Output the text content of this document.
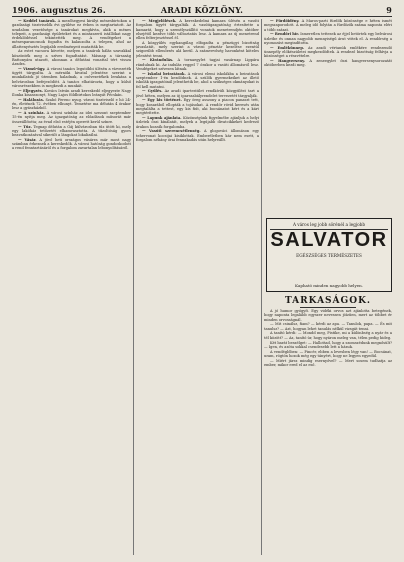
1906. augusztus 26.	ARADI KÖZLÖNY.	9

— Keddel tanárok. A mezőhegyesi királyi ménesbirtokon a gazdasági tisztviselők évi gyűlése ez évben is megtartatott. Az uradalom vezetősége a tanárokat meghívta, akik a ménes telepeit, a gazdasági épületeket és a mintaszerű istállókat nagy érdeklődéssel tekintették meg. A vendégeket a ménesparancsnok fogadta és kalauzolta a telepen, ahol az állattenyésztés legújabb eredményeit mutatták be.

Az estet vacsora követte, melyen a tanárok hálás szavakkal köszönték meg a szíves fogadtatást. Másnap a társaság Battonyára utazott, ahonnan a délutáni vonattal tért vissza Aradra.

— Vízmű-ügy. A városi tanács legutóbbi ülésén a vízvezeték ügyét tárgyalta. A mérnöki hivatal jelentése szerint a munkálatok jó ütemben haladnak, a csővezetékek lerakása a belvárosban befejeződött. A tanács elhatározta, hogy a külső városrészekben is megkezdi a munkát.

— Eljegyzés. Kovács István aradi kereskedő eljegyezte Nagy Ilonka kisasszonyt, Nagy Lajos földbirtokos leányát Pécskán.

— Halálozás. Szabó Ferenc nyug. városi tisztviselő e hó 24-én, életének 72. évében elhunyt. Temetése ma délután 4 órakor lesz a gyászházból.

— A színház. A városi színház az idei szezont szeptember 15-én nyitja meg. Az igazgatóság az előadások műsorát már összeállította; az évad első estéjén operett kerül színre.

— Tűz. Tegnap délután a Gáj külvárosban tűz ütött ki, mely egy lakóház tetőzetét elhamvasztotta. A tűzoltóság gyors beavatkozásával sikerült a lángokat lokalizálni.

— Vásár. A jövő heti országos vásárra már most nagy számban érkeznek a kereskedők. A városi hatóság gondoskodott a rend fenntartásáról és a forgalom zavartalan lebonyolításáról.

— Megjelölések. A kereskedelmi kamara ülésén a vasúti forgalom ügyét tárgyalták. A vasútigazgatóság értesítette a kamarát, hogy a személyszállító vonatok menetrendjén október elsejétől kezdve több változtatás lesz. A kamara az új menetrend ellen felterjesztéssel él.

A közgyűlés egyhangúlag elfogadta a pénzügyi bizottság javaslatát, mely szerint a városi pénztár kezelése ezentúl szigorúbb ellenőrzés alá kerül. A számvevőség havonként köteles jelentést tenni.

— Kirándulás. A tornaegylet tagjai vasárnap Lippára rándulnak ki. Az indulás reggel 7 órakor a vasúti állomásról lesz. Vendégeket szívesen látnak.

— Iskolai beiratások. A városi elemi iskolákba a beiratások szeptember 1-én kezdődnek. A szülők gyermekeiket az illető iskolák igazgatóinál jelenthetik be, ahol a szükséges okmányokat is fel kell mutatni.

— Gyűlés. Az aradi ipartestület rendkívüli közgyűlést tart a jövő héten, melyen az új iparszabályrendelet tervezetét tárgyalják.

— Egy kis történet. Egy öreg asszony a piacon panaszt tett, hogy kosarából ellopták a tojásokat. A rendőr rövid keresés után megtalálta a tettest, egy kis fiút, aki bocsánatot kért és a kárt megtérítette.

— Lapunk ajánlata. Közönségünk figyelmébe ajánljuk a helyi üzletek őszi kínálatát, melyek a legújabb divatcikkeket kedvező árakon hozzák forgalomba.

— Vasúti szerencsétlenség. A glogováci állomáson egy tehervonat kocsijai kisiklottak. Emberéletben kár nem esett, a forgalom néhány órai fennakadás után helyreállt.

— Fürdőidény. A Maros-parti fürdők közönsége e héten ismét megszaporodott. A meleg idő folytán a fürdőzők száma naponta eléri a több százat.

— Rendőri hír. Ismeretlen tettesek az éjjel betörtek egy belvárosi üzletbe és onnan nagyobb mennyiségű árut vittek el. A rendőrség a nyomozást megindította.

— Emlékünnep. Az aradi vértanúk emlékére rendezendő ünnepély előkészületei megkezdődtek. A rendező bizottság felhívja a közönséget a részvételre.

— Hangverseny. A zeneegylet őszi hangversenysorozatát októberben kezdi meg.

A város leg jobb sörénél a legjobb
SALVATOR
EGÉSZSÉGES TERMÉSZETES
Kapható minden nagyobb helyen.
TARKASÁGOK.

A jó humor gyógyít. Egy vidéki orvos azt ajánlotta betegének, hogy naponta legalább egyszer nevessen jóízűen, mert az többet ér minden orvosságnál.

— Mit csinálsz, fiam? — kérdi az apa. — Tanulok, papa. — És mit tanulsz? — Azt, hogyan lehet tanulás nélkül vizsgát tenni.

A tanító kérdi: — Mondd meg, Pistike, mi a különbség a nyár és a tél között? — Az, tanító úr, hogy nyáron meleg van, télen pedig hideg.

Két barát beszélget: — Hallottad, hogy a szomszédunk megnősült? — Igen, és azóta sokkal csendesebb lett a házuk.

A vendéglőben: — Pincér, ebben a levesben légy van! — Bocsánat, uram, rögtön hozok még egy tányért, hogy ne legyen egyedül.

— Miért jársz mindig esernyővel? — Mert sosem tudhatja az ember, mikor ered el az eső.
